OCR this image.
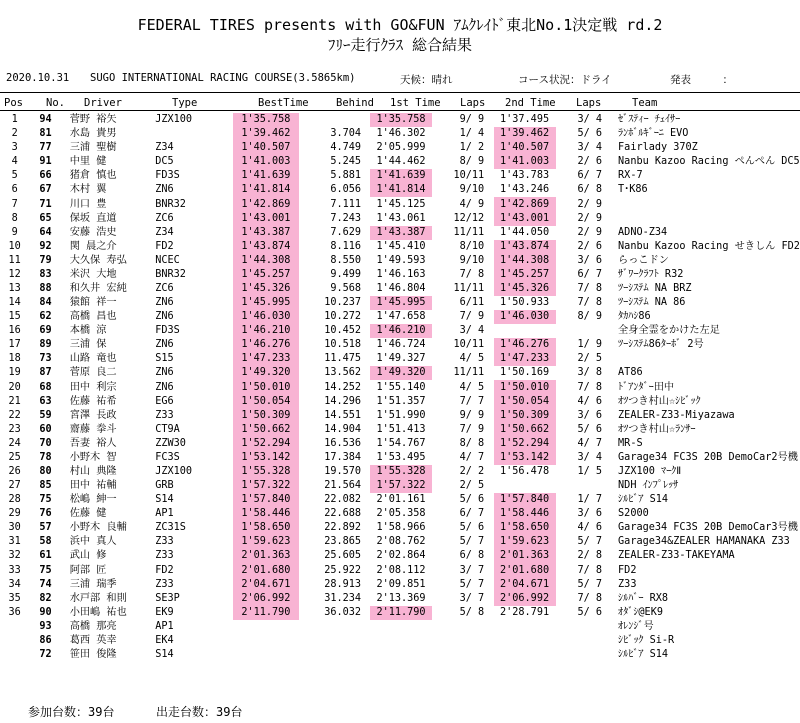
FEDERAL TIRES presents with GO&FUN ｱﾑｸﾚｲﾄﾞ東北No.1決定戦 rd.2
ﾌﾘｰ走行ｸﾗｽ 総合結果
2020.10.31 SUGO INTERNATIONAL RACING COURSE(3.5865km)	天候：晴れ	コース状況：ドライ	発表　　　：
Pos No. Driver	Type	BestTime	Behind 1st Time Laps 2nd Time Laps	Team
1	94	菅野 裕矢	JZX100	1'35.758				1'35.758	9/ 9		1'37.495	3/ 4	ｾﾞｽﾃｨｰ ﾁｪｲｻｰ
2	81	水島 貴男		1'39.462		3.704		1'46.302	1/ 4		1'39.462	5/ 6	ﾗﾝﾎﾞﾙｷﾞｰﾆ EVO
3	77	三浦 聖樹	Z34	1'40.507		4.749		2'05.999	1/ 2		1'40.507	3/ 4	Fairlady 370Z
4	91	中里 健	DC5	1'41.003		5.245		1'44.462	8/ 9		1'41.003	2/ 6	Nanbu Kazoo Racing ぺんぺん DC5
5	66	猪倉 慎也	FD3S	1'41.639		5.881		1'41.639	10/11		1'43.783	6/ 7	RX-7
6	67	木村 翼	ZN6	1'41.814		6.056		1'41.814	9/10		1'43.246	6/ 8	T･K86
7	71	川口 豊	BNR32	1'42.869		7.111		1'45.125	4/ 9		1'42.869	2/ 9	
8	65	保坂 直道	ZC6	1'43.001		7.243		1'43.061	12/12		1'43.001	2/ 9	
9	64	安藤 浩史	Z34	1'43.387		7.629		1'43.387	11/11		1'44.050	2/ 9	ADNO-Z34
10	92	関 晨之介	FD2	1'43.874		8.116		1'45.410	8/10		1'43.874	2/ 6	Nanbu Kazoo Racing せきしん FD2
11	79	大久保 寿弘	NCEC	1'44.308		8.550		1'49.593	9/10		1'44.308	3/ 6	らっこドン
12	83	米沢 大地	BNR32	1'45.257		9.499		1'46.163	7/ 8		1'45.257	6/ 7	ｻﾞﾜｰｸﾗﾌﾄ R32
13	88	和久井 宏純	ZC6	1'45.326		9.568		1'46.804	11/11		1'45.326	7/ 8	ﾂｰｼｽﾃﾑ NA BRZ
14	84	猿館 祥一	ZN6	1'45.995		10.237		1'45.995	6/11		1'50.933	7/ 8	ﾂｰｼｽﾃﾑ NA 86
15	62	高橋 昌也	ZN6	1'46.030		10.272		1'47.658	7/ 9		1'46.030	8/ 9	ﾀｶﾊｼ86
16	69	本橋 涼	FD3S	1'46.210		10.452		1'46.210	3/ 4				全身全霊をかけた左足
17	89	三浦 保	ZN6	1'46.276		10.518		1'46.724	10/11		1'46.276	1/ 9	ﾂｰｼｽﾃﾑ86ﾀｰﾎﾞ 2号
18	73	山路 竜也	S15	1'47.233		11.475		1'49.327	4/ 5		1'47.233	2/ 5	
19	87	菅原 良二	ZN6	1'49.320		13.562		1'49.320	11/11		1'50.169	3/ 8	AT86
20	68	田中 利宗	ZN6	1'50.010		14.252		1'55.140	4/ 5		1'50.010	7/ 8	ﾄﾞｱﾝﾀﾞｰ田中
21	63	佐藤 祐希	EG6	1'50.054		14.296		1'51.357	7/ 7		1'50.054	4/ 6	ｵﾂつき村山☆ｼﾋﾞｯｸ
22	59	宮澤 長政	Z33	1'50.309		14.551		1'51.990	9/ 9		1'50.309	3/ 6	ZEALER-Z33-Miyazawa
23	60	齋藤 拳斗	CT9A	1'50.662		14.904		1'51.413	7/ 9		1'50.662	5/ 6	ｵﾂつき村山☆ﾗﾝｻｰ
24	70	吾妻 裕人	ZZW30	1'52.294		16.536		1'54.767	8/ 8		1'52.294	4/ 7	MR-S
25	78	小野木 智	FC3S	1'53.142		17.384		1'53.495	4/ 7		1'53.142	3/ 4	Garage34 FC3S 20B DemoCar2号機
26	80	村山 典隆	JZX100	1'55.328		19.570		1'55.328	2/ 2		1'56.478	1/ 5	JZX100 ﾏｰｸⅡ
27	85	田中 祐輔	GRB	1'57.322		21.564		1'57.322	2/ 5				NDH ｲﾝﾌﾟﾚｯｻ
28	75	松嶋 紳一	S14	1'57.840		22.082		2'01.161	5/ 6		1'57.840	1/ 7	ｼﾙﾋﾞｱ S14
29	76	佐藤 健	AP1	1'58.446		22.688		2'05.358	6/ 7		1'58.446	3/ 6	S2000
30	57	小野木 良輔	ZC31S	1'58.650		22.892		1'58.966	5/ 6		1'58.650	4/ 6	Garage34 FC3S 20B DemoCar3号機
31	58	浜中 真人	Z33	1'59.623		23.865		2'08.762	5/ 7		1'59.623	5/ 7	Garage34&ZEALER HAMANAKA Z33
32	61	武山 修	Z33	2'01.363		25.605		2'02.864	6/ 8		2'01.363	2/ 8	ZEALER-Z33-TAKEYAMA
33	75	阿部 匠	FD2	2'01.680		25.922		2'08.112	3/ 7		2'01.680	7/ 8	FD2
34	74	三浦 瑞季	Z33	2'04.671		28.913		2'09.851	5/ 7		2'04.671	5/ 7	Z33
35	82	水戸部 和則	SE3P	2'06.992		31.234		2'13.369	3/ 7		2'06.992	7/ 8	ｼﾙﾊﾞｰ RX8
36	90	小田嶋 祐也	EK9	2'11.790		36.032		2'11.790	5/ 8		2'28.791	5/ 6	ｵﾀﾞｼ@EK9
	93	高橋 那亮	AP1										ｵﾚﾝｼﾞ号
	86	葛西 英幸	EK4										ｼﾋﾞｯｸ Si-R
	72	笹田 俊隆	S14										ｼﾙﾋﾞｱ S14
参加台数：39台	出走台数：39台
